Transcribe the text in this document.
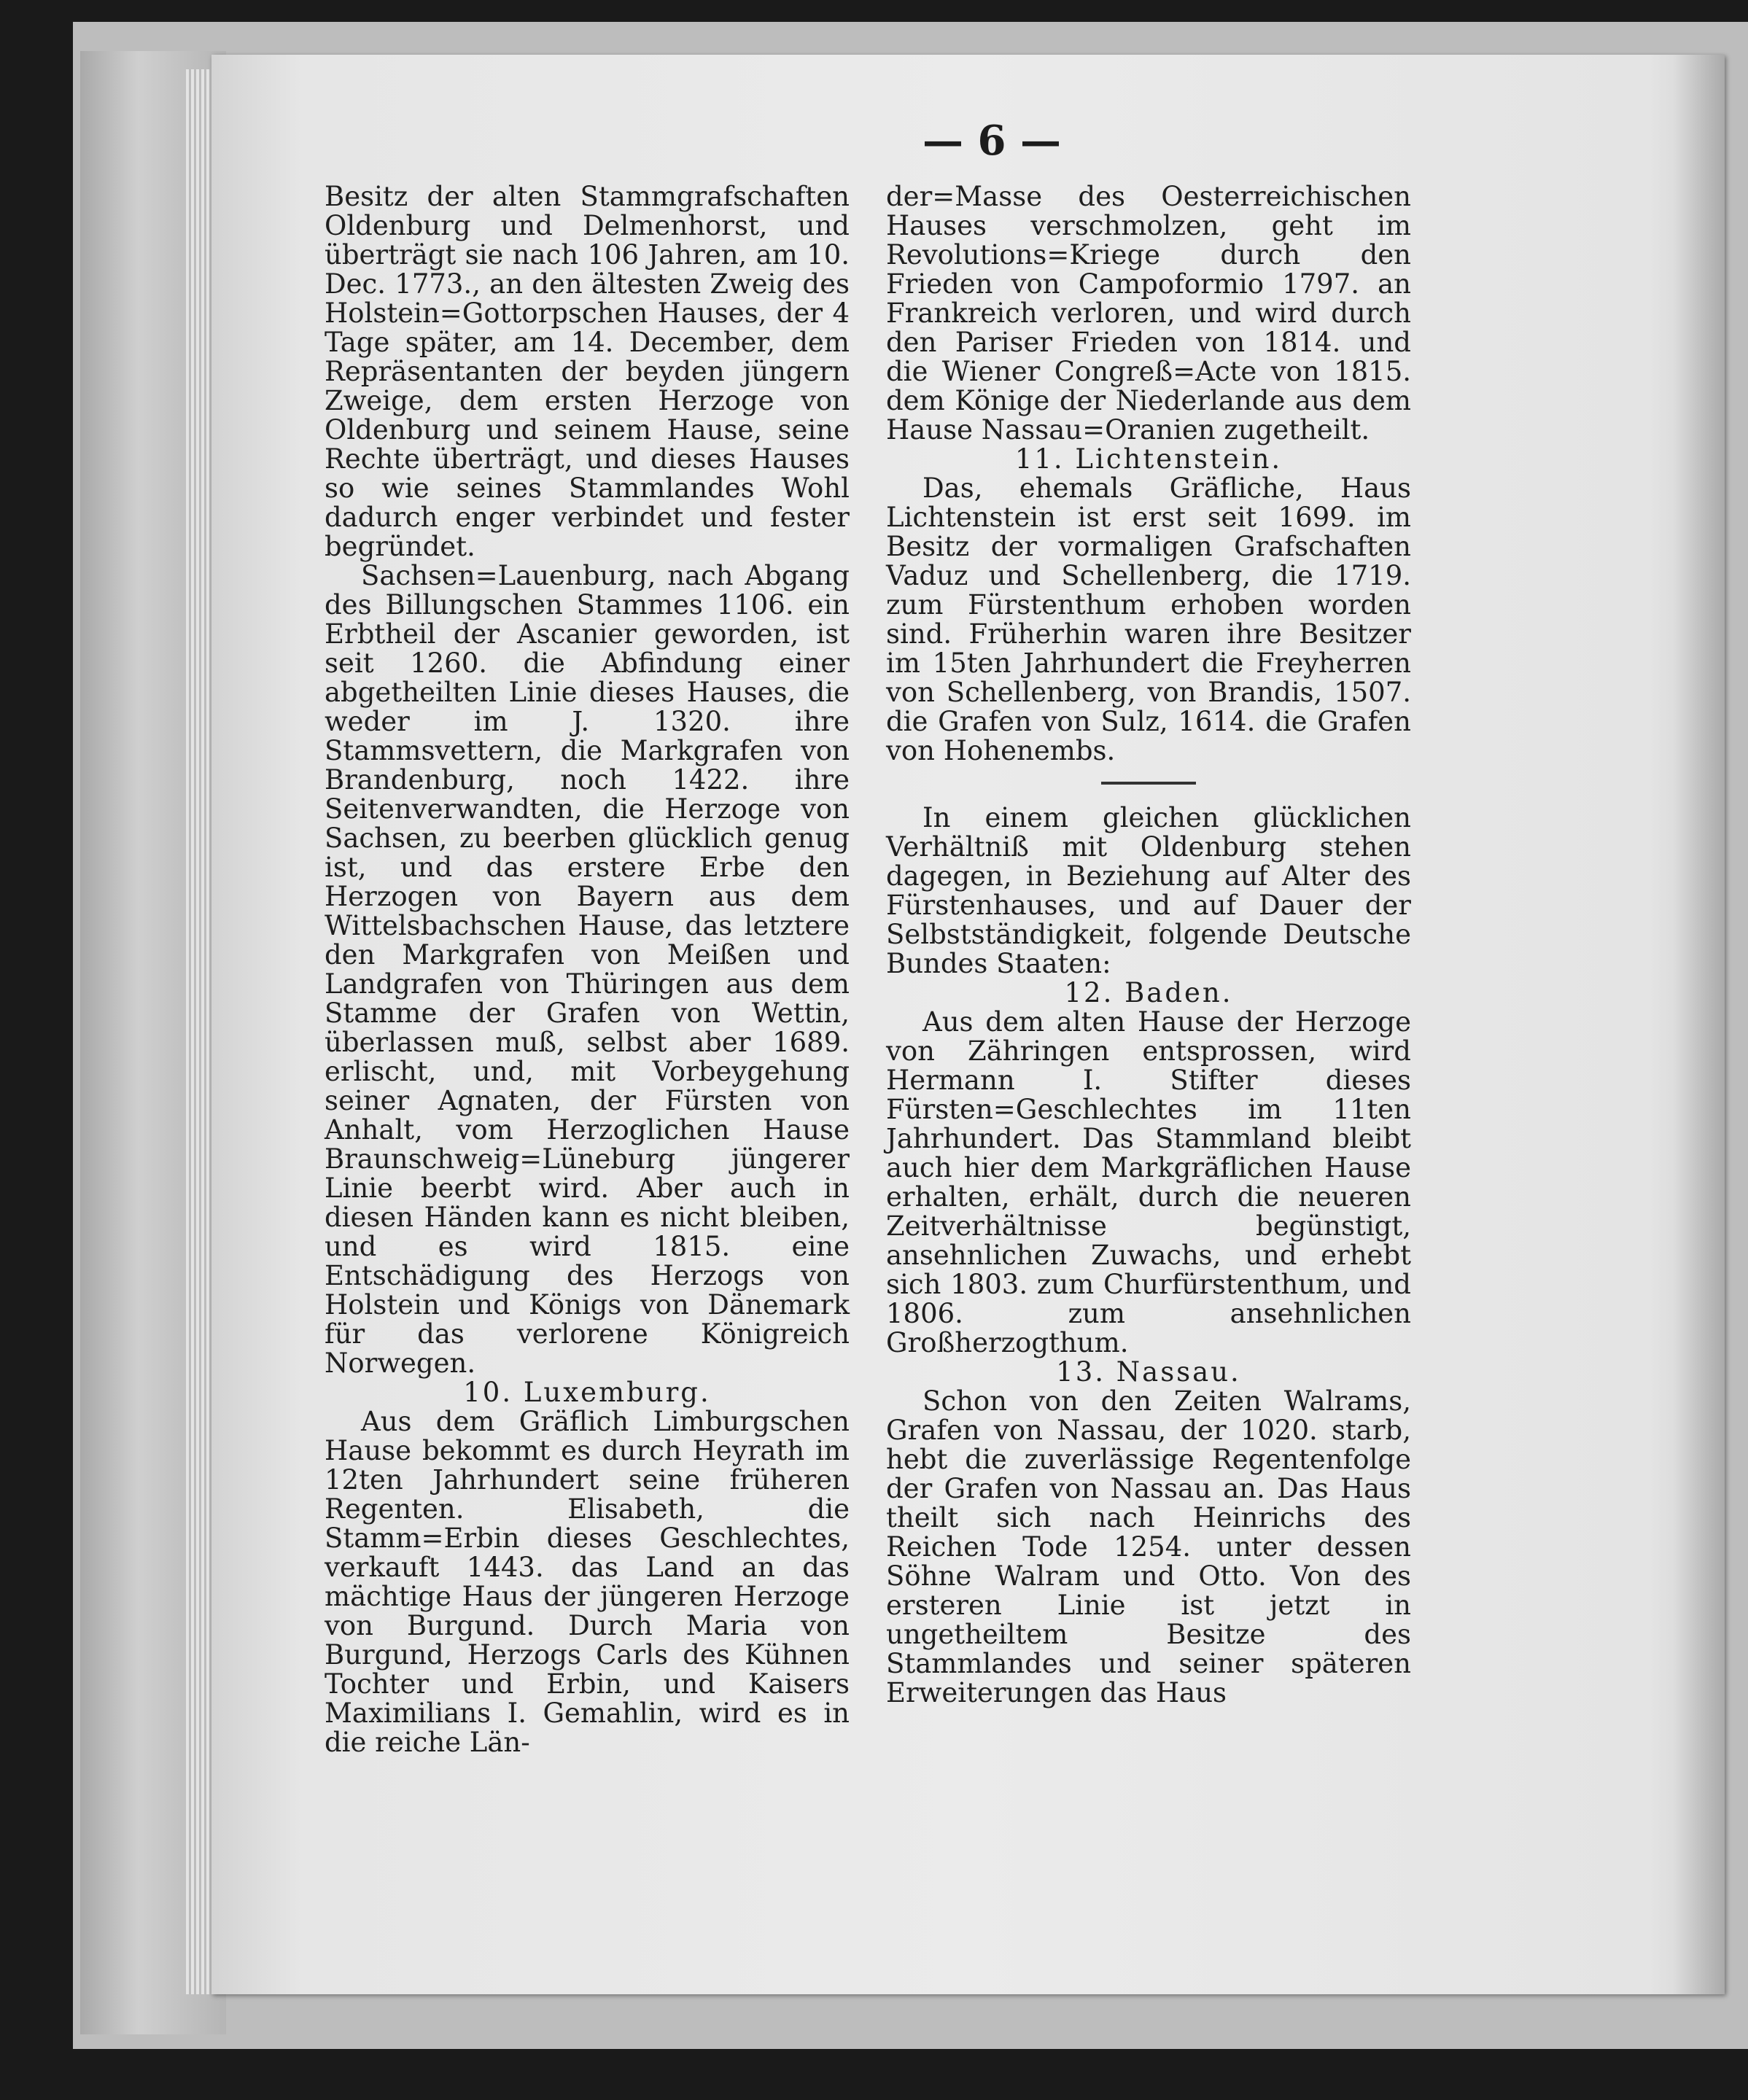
— 6 —

Besitz der alten Stammgrafschaften Oldenburg und Delmenhorst, und überträgt sie nach 106 Jahren, am 10. Dec. 1773., an den ältesten Zweig des Holstein=Gottorpschen Hauses, der 4 Tage später, am 14. December, dem Repräsentanten der beyden jüngern Zweige, dem ersten Herzoge von Oldenburg und seinem Hause, seine Rechte überträgt, und dieses Hauses so wie seines Stammlandes Wohl dadurch enger verbindet und fester begründet.

Sachsen=Lauenburg, nach Abgang des Billungschen Stammes 1106. ein Erbtheil der Ascanier geworden, ist seit 1260. die Abfindung einer abgetheilten Linie dieses Hauses, die weder im J. 1320. ihre Stammsvettern, die Markgrafen von Brandenburg, noch 1422. ihre Seitenverwandten, die Herzoge von Sachsen, zu beerben glücklich genug ist, und das erstere Erbe den Herzogen von Bayern aus dem Wittelsbachschen Hause, das letztere den Markgrafen von Meißen und Landgrafen von Thüringen aus dem Stamme der Grafen von Wettin, überlassen muß, selbst aber 1689. erlischt, und, mit Vorbeygehung seiner Agnaten, der Fürsten von Anhalt, vom Herzoglichen Hause Braunschweig=Lüneburg jüngerer Linie beerbt wird. Aber auch in diesen Händen kann es nicht bleiben, und es wird 1815. eine Entschädigung des Herzogs von Holstein und Königs von Dänemark für das verlorene Königreich Norwegen.

10. Luxemburg.

Aus dem Gräflich Limburgschen Hause bekommt es durch Heyrath im 12ten Jahrhundert seine früheren Regenten. Elisabeth, die Stamm=Erbin dieses Geschlechtes, verkauft 1443. das Land an das mächtige Haus der jüngeren Herzoge von Burgund. Durch Maria von Burgund, Herzogs Carls des Kühnen Tochter und Erbin, und Kaisers Maximilians I. Gemahlin, wird es in die reiche Län-

der=Masse des Oesterreichischen Hauses verschmolzen, geht im Revolutions=Kriege durch den Frieden von Campoformio 1797. an Frankreich verloren, und wird durch den Pariser Frieden von 1814. und die Wiener Congreß=Acte von 1815. dem Könige der Niederlande aus dem Hause Nassau=Oranien zugetheilt.

11. Lichtenstein.

Das, ehemals Gräfliche, Haus Lichtenstein ist erst seit 1699. im Besitz der vormaligen Grafschaften Vaduz und Schellenberg, die 1719. zum Fürstenthum erhoben worden sind. Früherhin waren ihre Besitzer im 15ten Jahrhundert die Freyherren von Schellenberg, von Brandis, 1507. die Grafen von Sulz, 1614. die Grafen von Hohenembs.

In einem gleichen glücklichen Verhältniß mit Oldenburg stehen dagegen, in Beziehung auf Alter des Fürstenhauses, und auf Dauer der Selbstständigkeit, folgende Deutsche Bundes Staaten:

12. Baden.

Aus dem alten Hause der Herzoge von Zähringen entsprossen, wird Hermann I. Stifter dieses Fürsten=Geschlechtes im 11ten Jahrhundert. Das Stammland bleibt auch hier dem Markgräflichen Hause erhalten, erhält, durch die neueren Zeitverhältnisse begünstigt, ansehnlichen Zuwachs, und erhebt sich 1803. zum Churfürstenthum, und 1806. zum ansehnlichen Großherzogthum.

13. Nassau.

Schon von den Zeiten Walrams, Grafen von Nassau, der 1020. starb, hebt die zuverlässige Regentenfolge der Grafen von Nassau an. Das Haus theilt sich nach Heinrichs des Reichen Tode 1254. unter dessen Söhne Walram und Otto. Von des ersteren Linie ist jetzt in ungetheiltem Besitze des Stammlandes und seiner späteren Erweiterungen das Haus
